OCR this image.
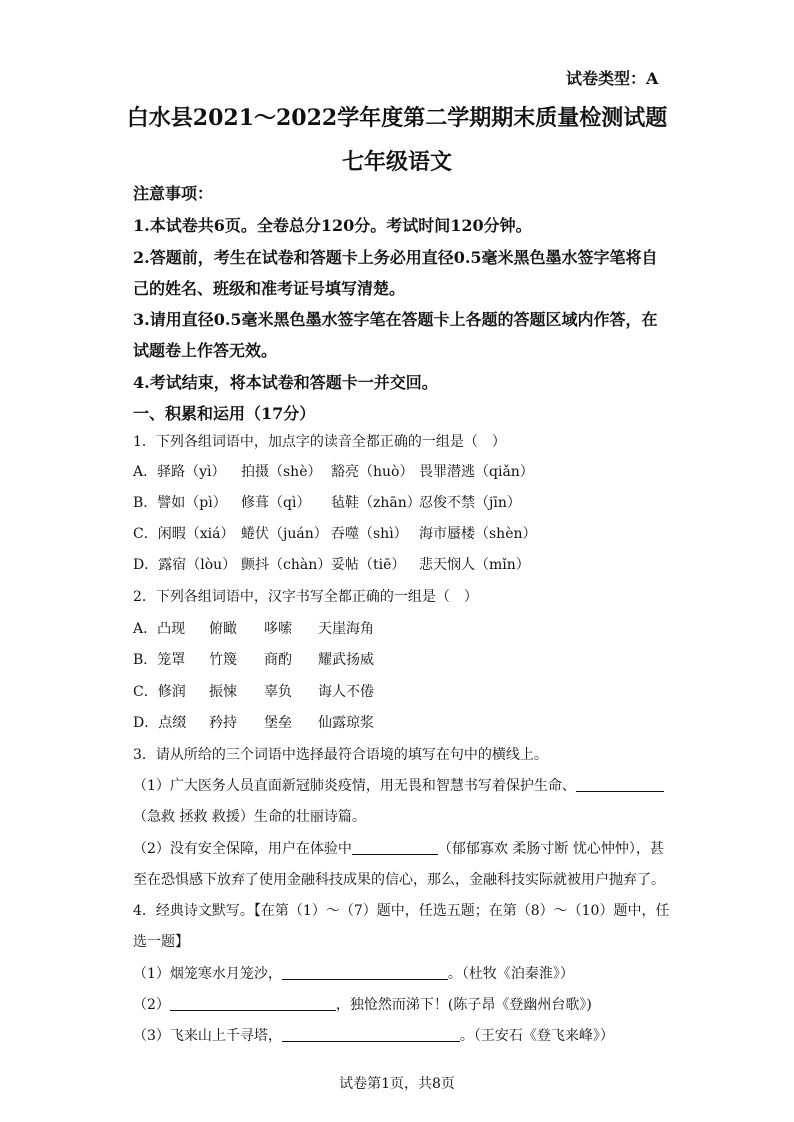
试卷类型：A
白水县2021～2022学年度第二学期期末质量检测试题
七年级语文
注意事项：
1.本试卷共6页。全卷总分120分。考试时间120分钟。
2.答题前，考生在试卷和答题卡上务必用直径0.5毫米黑色墨水签字笔将自
己的姓名、班级和准考证号填写清楚。
3.请用直径0.5毫米黑色墨水签字笔在答题卡上各题的答题区域内作答，在
试题卷上作答无效。
4.考试结束，将本试卷和答题卡一并交回。
一、积累和运用（17分）
1．下列各组词语中，加点字的读音全都正确的一组是（　）
A．驿路（yì） 拍摄（shè） 豁亮（huò） 畏罪潜逃（qiǎn）
B．譬如（pì） 修葺（qì） 毡鞋（zhān）忍俊不禁（jīn）
C．闲暇（xiá） 蜷伏（juán） 吞噬（shì） 海市蜃楼（shèn）
D．露宿（lòu） 颤抖（chàn）妥帖（tiē） 悲天悯人（mǐn）
2．下列各组词语中，汉字书写全都正确的一组是（　）
A．凸现 俯瞰 哆嗦 天崖海角
B．笼罩 竹篾 商酌 耀武扬威
C．修润 振悚 辜负 诲人不倦
D．点缀 矜持 堡垒 仙露琼浆
3．请从所给的三个词语中选择最符合语境的填写在句中的横线上。
（1）广大医务人员直面新冠肺炎疫情，用无畏和智慧书写着保护生命、
（急救 拯救 救援）生命的壮丽诗篇。
（2）没有安全保障，用户在体验中	（郁郁寡欢 柔肠寸断 忧心忡忡），甚
至在恐惧感下放弃了使用金融科技成果的信心，那么，金融科技实际就被用户抛弃了。
4．经典诗文默写。【在第（1）～（7）题中，任选五题；在第（8）～（10）题中，任
选一题】
（1）烟笼寒水月笼沙，	。（杜牧《泊秦淮》）
（2）	，独怆然而涕下！(陈子昂《登幽州台歌》)
（3）飞来山上千寻塔，	。（王安石《登飞来峰》）
试卷第1页，共8页
